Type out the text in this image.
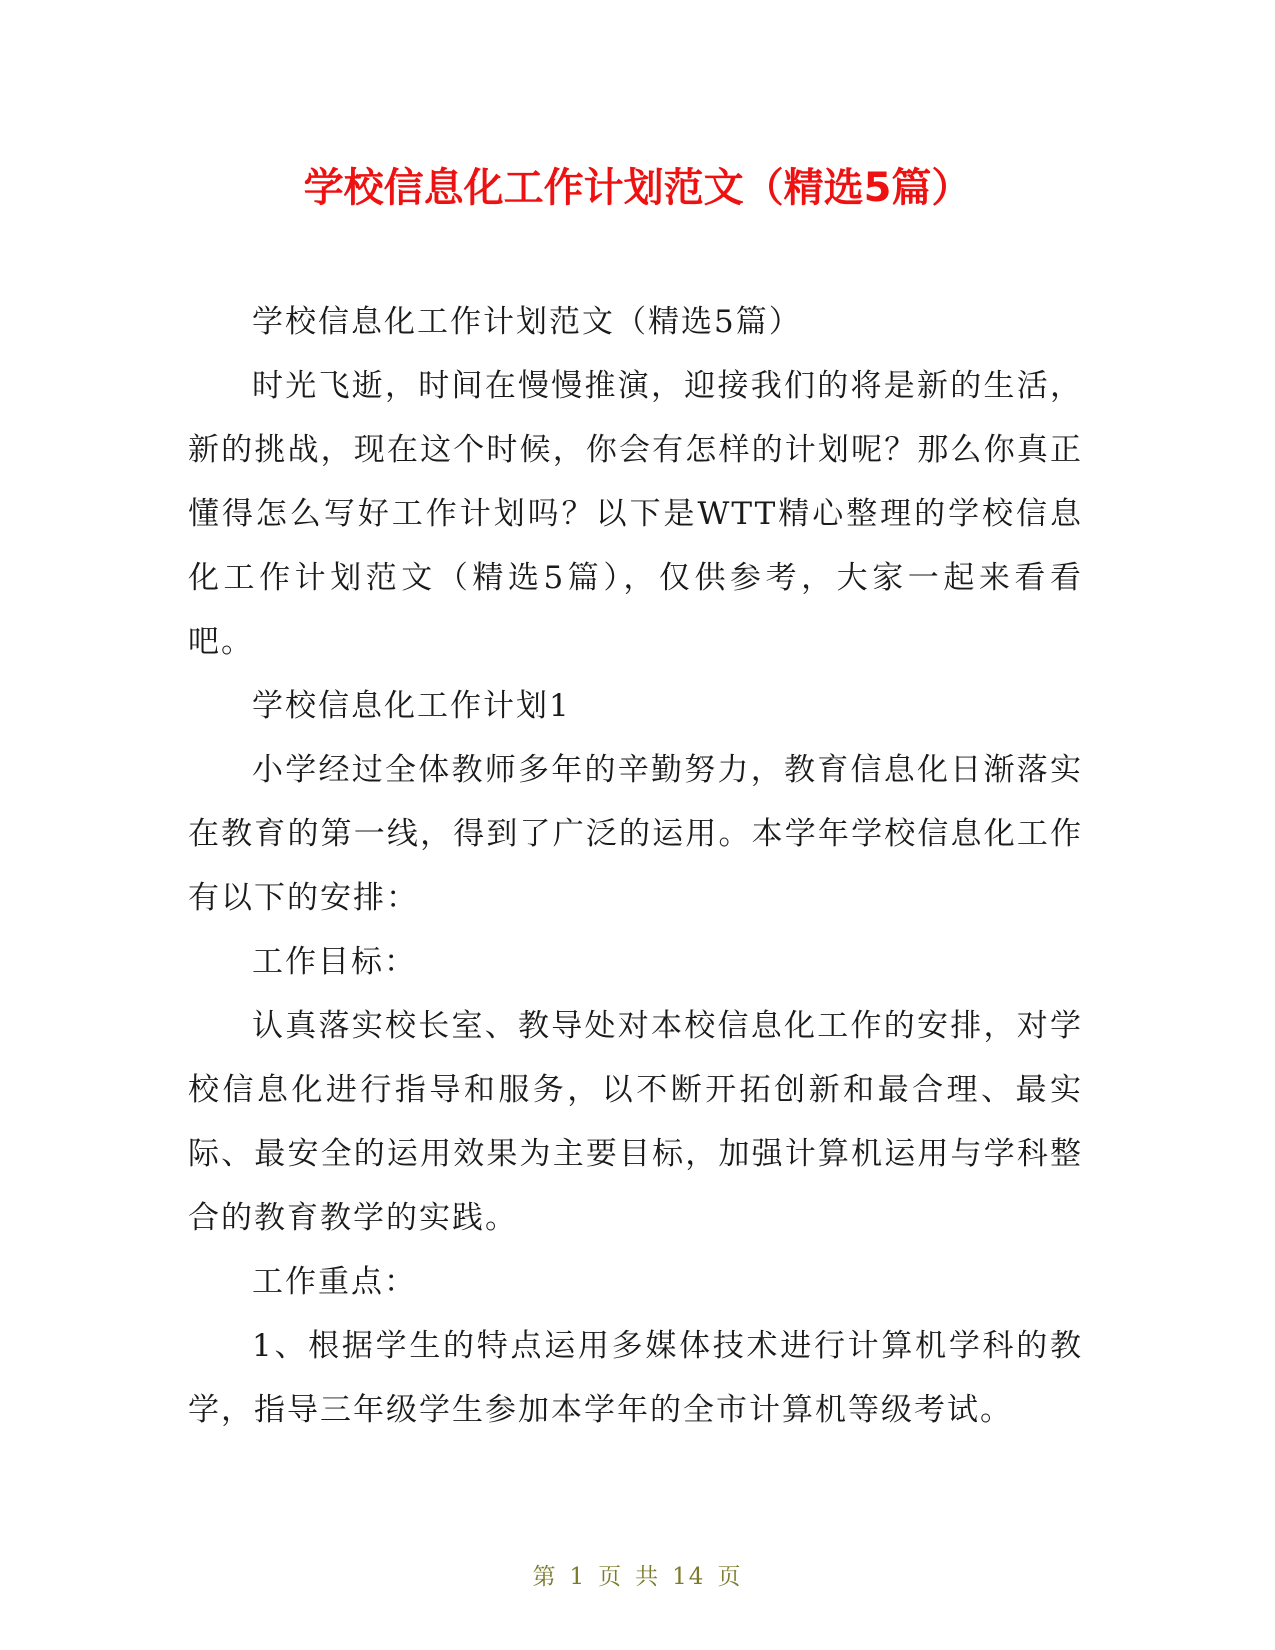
学校信息化工作计划范文（精选5篇）

学校信息化工作计划范文（精选5篇）

时光飞逝，时间在慢慢推演，迎接我们的将是新的生活，新的挑战，现在这个时候，你会有怎样的计划呢？那么你真正懂得怎么写好工作计划吗？以下是WTT精心整理的学校信息化工作计划范文（精选5篇），仅供参考，大家一起来看看吧。

学校信息化工作计划1

小学经过全体教师多年的辛勤努力，教育信息化日渐落实在教育的第一线，得到了广泛的运用。本学年学校信息化工作有以下的安排：

工作目标：

认真落实校长室、教导处对本校信息化工作的安排，对学校信息化进行指导和服务，以不断开拓创新和最合理、最实际、最安全的运用效果为主要目标，加强计算机运用与学科整合的教育教学的实践。

工作重点：

1、根据学生的特点运用多媒体技术进行计算机学科的教学，指导三年级学生参加本学年的全市计算机等级考试。

第 1 页 共 14 页
